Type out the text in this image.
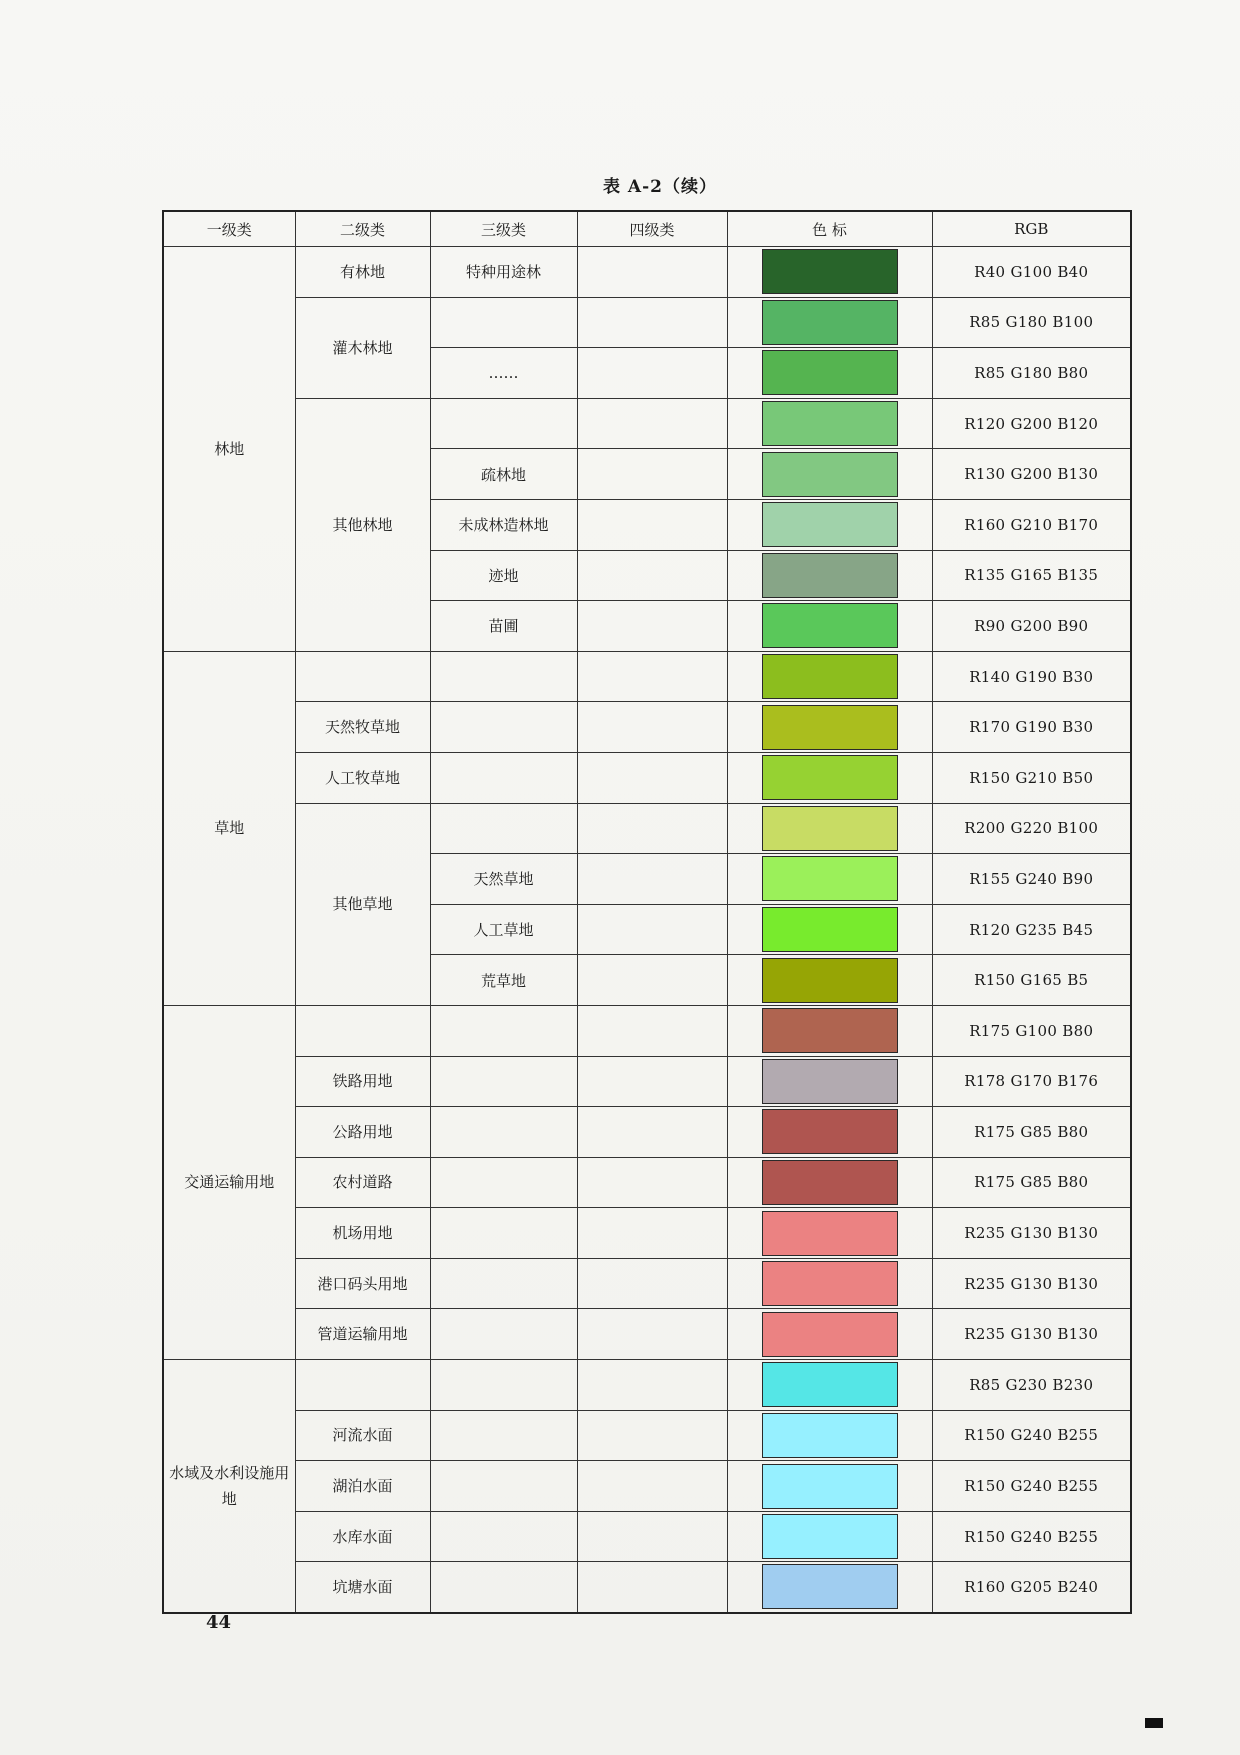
表 A-2（续）
一级类	二级类	三级类	四级类	色 标	RGB
林地	有林地	特种用途林			R40 G100 B40
	灌木林地				R85 G180 B100
		……			R85 G180 B80
	其他林地				R120 G200 B120
		疏林地			R130 G200 B130
		未成林造林地			R160 G210 B170
		迹地			R135 G165 B135
		苗圃			R90 G200 B90
草地					R140 G190 B30
	天然牧草地				R170 G190 B30
	人工牧草地				R150 G210 B50
	其他草地				R200 G220 B100
		天然草地			R155 G240 B90
		人工草地			R120 G235 B45
		荒草地			R150 G165 B5
交通运输用地					R175 G100 B80
	铁路用地				R178 G170 B176
	公路用地				R175 G85 B80
	农村道路				R175 G85 B80
	机场用地				R235 G130 B130
	港口码头用地				R235 G130 B130
	管道运输用地				R235 G130 B130
水域及水利设施用地					R85 G230 B230
	河流水面				R150 G240 B255
	湖泊水面				R150 G240 B255
	水库水面				R150 G240 B255
	坑塘水面				R160 G205 B240
44
